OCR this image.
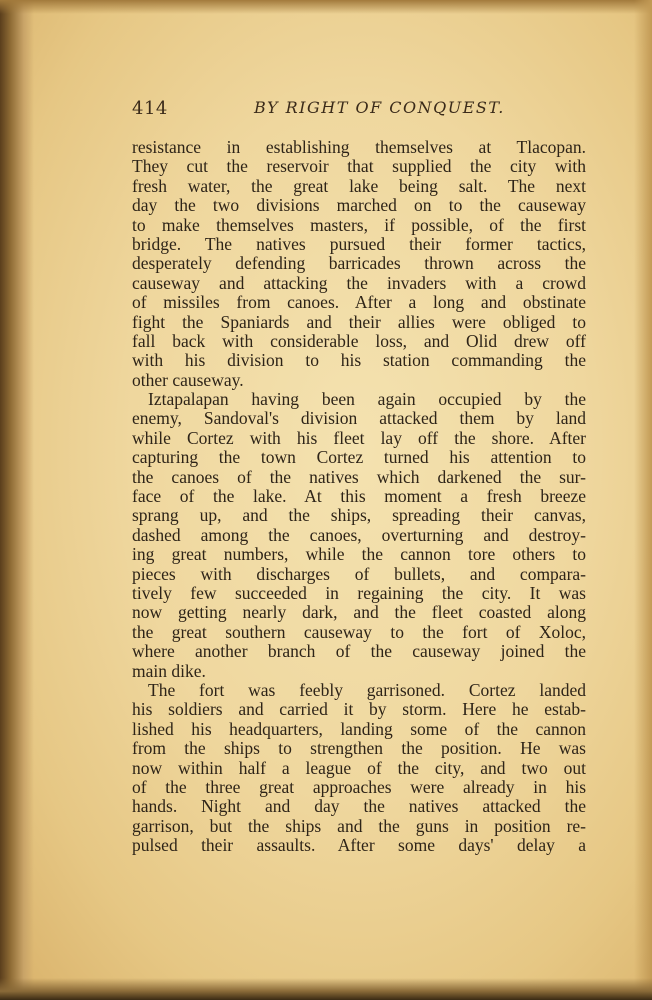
414	BY RIGHT OF CONQUEST.
resistance in establishing themselves at Tlacopan.
They cut the reservoir that supplied the city with
fresh water, the great lake being salt. The next
day the two divisions marched on to the causeway
to make themselves masters, if possible, of the first
bridge. The natives pursued their former tactics,
desperately defending barricades thrown across the
causeway and attacking the invaders with a crowd
of missiles from canoes. After a long and obstinate
fight the Spaniards and their allies were obliged to
fall back with considerable loss, and Olid drew off
with his division to his station commanding the
other causeway.
Iztapalapan having been again occupied by the
enemy, Sandoval's division attacked them by land
while Cortez with his fleet lay off the shore. After
capturing the town Cortez turned his attention to
the canoes of the natives which darkened the sur-
face of the lake. At this moment a fresh breeze
sprang up, and the ships, spreading their canvas,
dashed among the canoes, overturning and destroy-
ing great numbers, while the cannon tore others to
pieces with discharges of bullets, and compara-
tively few succeeded in regaining the city. It was
now getting nearly dark, and the fleet coasted along
the great southern causeway to the fort of Xoloc,
where another branch of the causeway joined the
main dike.
The fort was feebly garrisoned. Cortez landed
his soldiers and carried it by storm. Here he estab-
lished his headquarters, landing some of the cannon
from the ships to strengthen the position. He was
now within half a league of the city, and two out
of the three great approaches were already in his
hands. Night and day the natives attacked the
garrison, but the ships and the guns in position re-
pulsed their assaults. After some days' delay a
